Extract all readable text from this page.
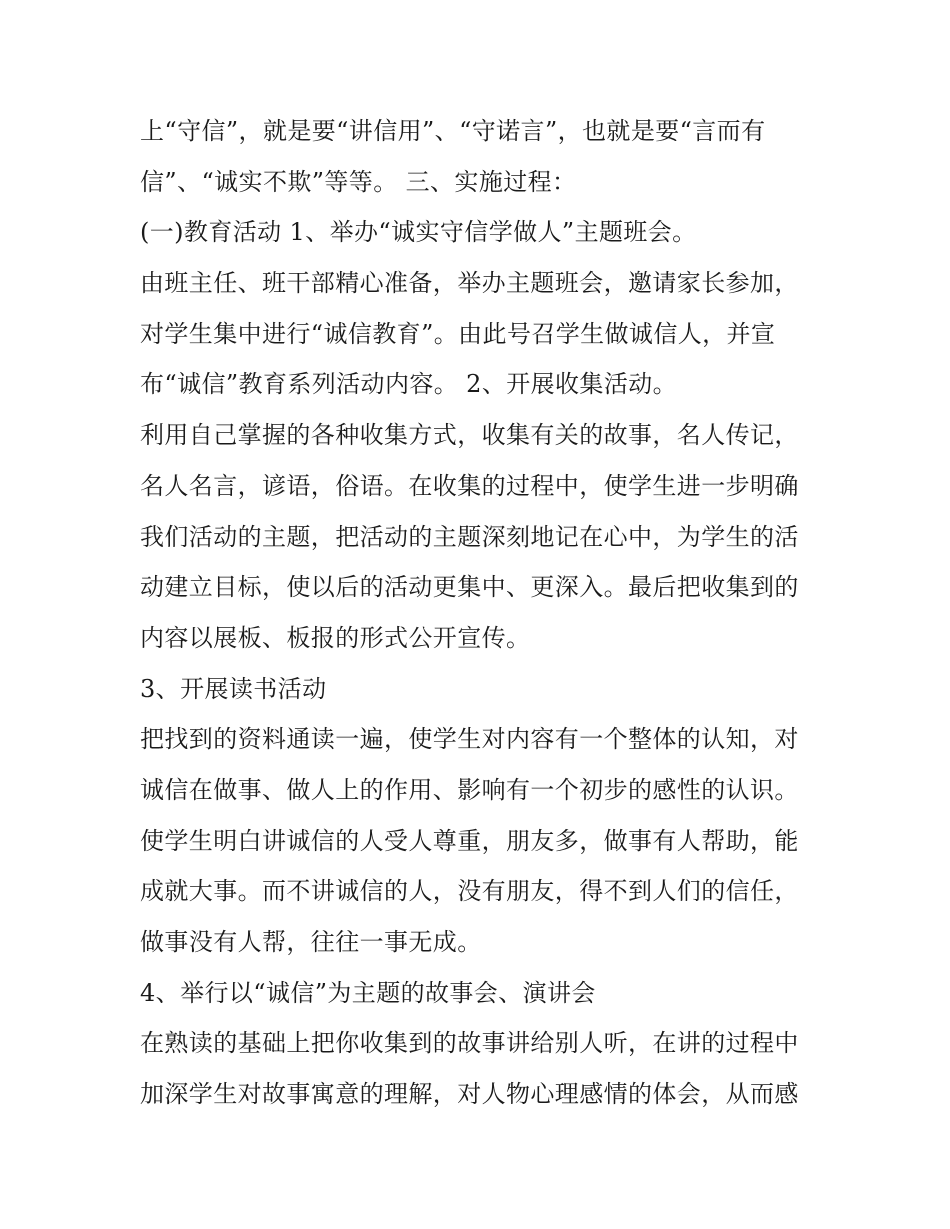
上“守信”，就是要“讲信用”、“守诺言”，也就是要“言而有
信”、“诚实不欺”等等。 三、实施过程：
(一)教育活动 1、举办“诚实守信学做人”主题班会。
由班主任、班干部精心准备，举办主题班会，邀请家长参加，
对学生集中进行“诚信教育”。由此号召学生做诚信人，并宣
布“诚信”教育系列活动内容。 2、开展收集活动。
利用自己掌握的各种收集方式，收集有关的故事，名人传记，
名人名言，谚语，俗语。在收集的过程中，使学生进一步明确
我们活动的主题，把活动的主题深刻地记在心中，为学生的活
动建立目标，使以后的活动更集中、更深入。最后把收集到的
内容以展板、板报的形式公开宣传。
3、开展读书活动
把找到的资料通读一遍，使学生对内容有一个整体的认知，对
诚信在做事、做人上的作用、影响有一个初步的感性的认识。
使学生明白讲诚信的人受人尊重，朋友多，做事有人帮助，能
成就大事。而不讲诚信的人，没有朋友，得不到人们的信任，
做事没有人帮，往往一事无成。
4、举行以“诚信”为主题的故事会、演讲会
在熟读的基础上把你收集到的故事讲给别人听，在讲的过程中
加深学生对故事寓意的理解，对人物心理感情的体会，从而感
